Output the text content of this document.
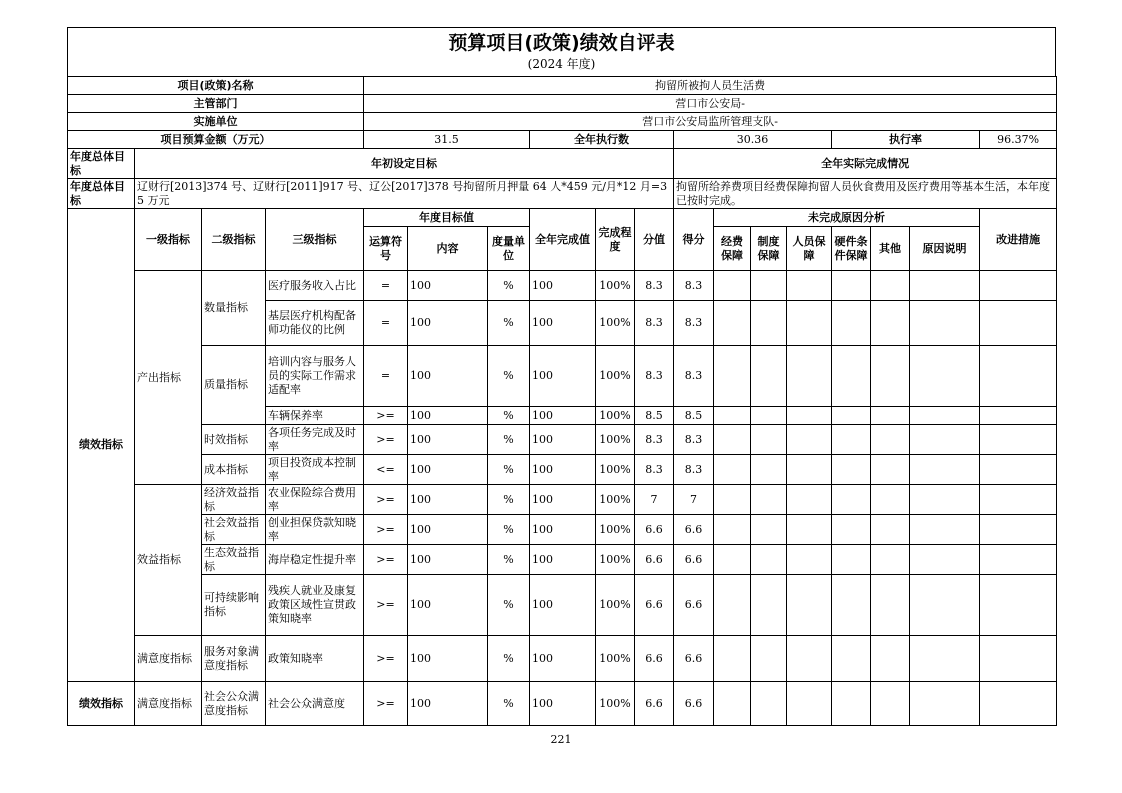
预算项目(政策)绩效自评表
(2024 年度)
项目(政策)名称				拘留所被拘人员生活费													
主管部门				营口市公安局-													
实施单位				营口市公安局监所管理支队-													
项目预算金额（万元）				31.5			全年执行数			30.36				执行率			96.37%
年度总体目标	年初设定目标									全年实际完成情况							
年度总体目标	辽财行[2013]374 号、辽财行[2011]917 号、辽公[2017]378 号拘留所月押量 64 人*459 元/月*12 月=35 万元									拘留所给养费项目经费保障拘留人员伙食费用及医疗费用等基本生活，本年度已按时完成。							
绩效指标	一级指标	二级指标	三级指标	年度目标值			全年完成值	完成程度	分值	得分	未完成原因分析						改进措施
				运算符号	内容	度量单位					经费保障	制度保障	人员保障	硬件条件保障	其他	原因说明	
	产出指标	数量指标	医疗服务收入占比	=	100	%	100	100%	8.3	8.3							
			基层医疗机构配备师功能仪的比例	=	100	%	100	100%	8.3	8.3							
		质量指标	培训内容与服务人员的实际工作需求适配率	=	100	%	100	100%	8.3	8.3							
			车辆保养率	>=	100	%	100	100%	8.5	8.5							
		时效指标	各项任务完成及时率	>=	100	%	100	100%	8.3	8.3							
		成本指标	项目投资成本控制率	<=	100	%	100	100%	8.3	8.3							
	效益指标	经济效益指标	农业保险综合费用率	>=	100	%	100	100%	7	7							
		社会效益指标	创业担保贷款知晓率	>=	100	%	100	100%	6.6	6.6							
		生态效益指标	海岸稳定性提升率	>=	100	%	100	100%	6.6	6.6							
		可持续影响指标	残疾人就业及康复政策区域性宣贯政策知晓率	>=	100	%	100	100%	6.6	6.6							
	满意度指标	服务对象满意度指标	政策知晓率	>=	100	%	100	100%	6.6	6.6							
绩效指标	满意度指标	社会公众满意度指标	社会公众满意度	>=	100	%	100	100%	6.6	6.6							
221
